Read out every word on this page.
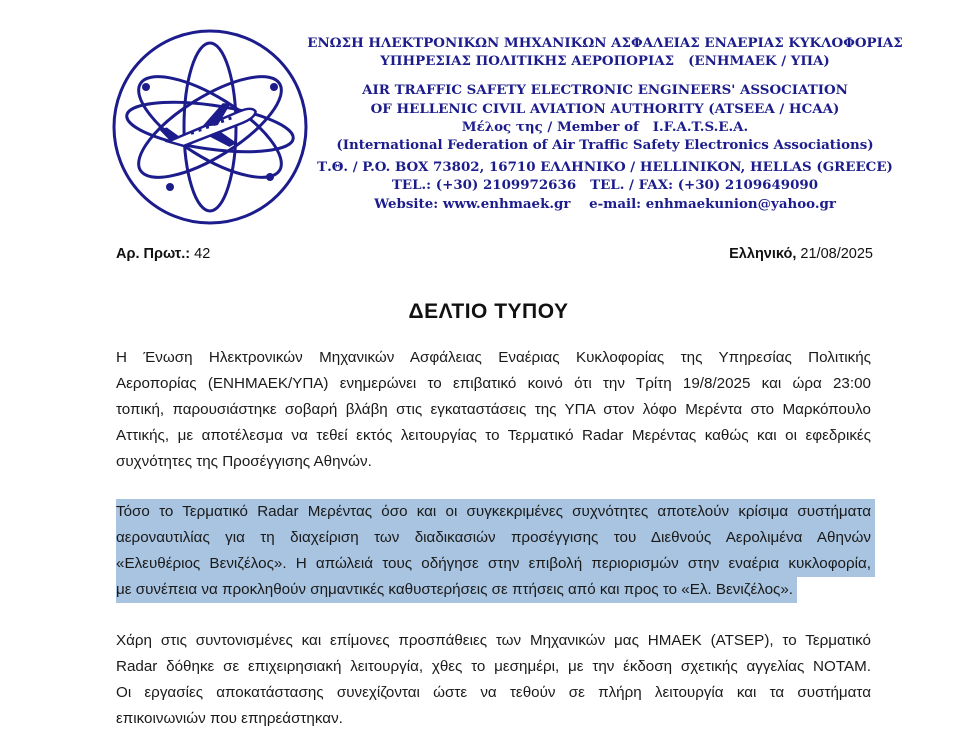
ΕΝΩΣΗ ΗΛΕΚΤΡΟΝΙΚΩΝ ΜΗΧΑΝΙΚΩΝ ΑΣΦΑΛΕΙΑΣ ΕΝΑΕΡΙΑΣ ΚΥΚΛΟΦΟΡΙΑΣ
ΥΠΗΡΕΣΙΑΣ ΠΟΛΙΤΙΚΗΣ ΑΕΡΟΠΟΡΙΑΣ   (ΕΝΗΜΑΕΚ / ΥΠΑ)
AIR TRAFFIC SAFETY ELECTRONIC ENGINEERS' ASSOCIATION
OF HELLENIC CIVIL AVIATION AUTHORITY (ATSEEA / HCAA)
Μέλος της / Member of   I.F.A.T.S.E.A.
(International Federation of Air Traffic Safety Electronics Associations)
Τ.Θ. / P.O. BOX 73802, 16710 ΕΛΛΗΝΙΚΟ / HELLINIKON, HELLAS (GREECE)
TEL.: (+30) 2109972636   TEL. / FAX: (+30) 2109649090
Website: www.enhmaek.gr    e-mail: enhmaekunion@yahoo.gr
Αρ. Πρωτ.: 42	Ελληνικό, 21/08/2025
ΔΕΛΤΙΟ ΤΥΠΟΥ
Η Ένωση Ηλεκτρονικών Μηχανικών Ασφάλειας Εναέριας Κυκλοφορίας της Υπηρεσίας Πολιτικής
Αεροπορίας (ΕΝΗΜΑΕΚ/ΥΠΑ) ενημερώνει το επιβατικό κοινό ότι την Τρίτη 19/8/2025 και ώρα 23:00
τοπική, παρουσιάστηκε σοβαρή βλάβη στις εγκαταστάσεις της ΥΠΑ στον λόφο Μερέντα στο Μαρκόπουλο
Αττικής, με αποτέλεσμα να τεθεί εκτός λειτουργίας το Τερματικό Radar Μερέντας καθώς και οι εφεδρικές
συχνότητες της Προσέγγισης Αθηνών.
Τόσο το Τερματικό Radar Μερέντας όσο και οι συγκεκριμένες συχνότητες αποτελούν κρίσιμα συστήματα
αεροναυτιλίας για τη διαχείριση των διαδικασιών προσέγγισης του Διεθνούς Αερολιμένα Αθηνών
«Ελευθέριος Βενιζέλος». Η απώλειά τους οδήγησε στην επιβολή περιορισμών στην εναέρια κυκλοφορία,
με συνέπεια να προκληθούν σημαντικές καθυστερήσεις σε πτήσεις από και προς το «Ελ. Βενιζέλος».
Χάρη στις συντονισμένες και επίμονες προσπάθειες των Μηχανικών μας ΗΜΑΕΚ (ATSEP), το Τερματικό
Radar δόθηκε σε επιχειρησιακή λειτουργία, χθες το μεσημέρι, με την έκδοση σχετικής αγγελίας NOTAM.
Οι εργασίες αποκατάστασης συνεχίζονται ώστε να τεθούν σε πλήρη λειτουργία και τα συστήματα
επικοινωνιών που επηρεάστηκαν.
